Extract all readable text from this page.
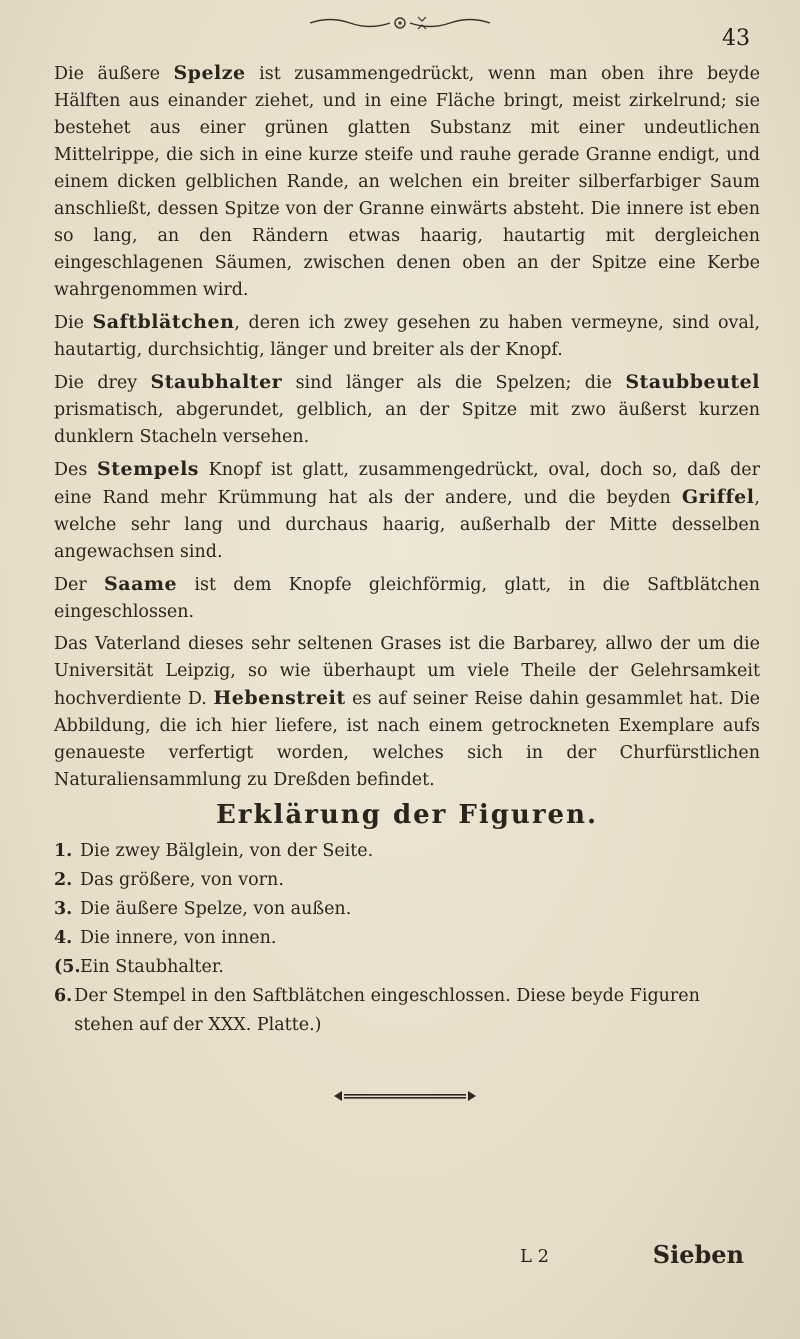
43

Die äußere Spelze ist zusammengedrückt, wenn man oben ihre beyde Hälften aus einander ziehet, und in eine Fläche bringt, meist zirkelrund; sie bestehet aus einer grünen glatten Substanz mit einer undeutlichen Mittelrippe, die sich in eine kurze steife und rauhe gerade Granne endigt, und einem dicken gelblichen Rande, an welchen ein breiter silberfarbiger Saum anschließt, dessen Spitze von der Granne einwärts absteht. Die innere ist eben so lang, an den Rändern etwas haarig, hautartig mit dergleichen eingeschlagenen Säumen, zwischen denen oben an der Spitze eine Kerbe wahrgenommen wird.

Die Saftblätchen, deren ich zwey gesehen zu haben vermeyne, sind oval, hautartig, durchsichtig, länger und breiter als der Knopf.

Die drey Staubhalter sind länger als die Spelzen; die Staubbeutel prismatisch, abgerundet, gelblich, an der Spitze mit zwo äußerst kurzen dunklern Stacheln versehen.

Des Stempels Knopf ist glatt, zusammengedrückt, oval, doch so, daß der eine Rand mehr Krümmung hat als der andere, und die beyden Griffel, welche sehr lang und durchaus haarig, außerhalb der Mitte desselben angewachsen sind.

Der Saame ist dem Knopfe gleichförmig, glatt, in die Saftblätchen eingeschlossen.

Das Vaterland dieses sehr seltenen Grases ist die Barbarey, allwo der um die Universität Leipzig, so wie überhaupt um viele Theile der Gelehrsamkeit hochverdiente D. Hebenstreit es auf seiner Reise dahin gesammlet hat. Die Abbildung, die ich hier liefere, ist nach einem getrockneten Exemplare aufs genaueste verfertigt worden, welches sich in der Churfürstlichen Naturaliensammlung zu Dreßden befindet.

Erklärung der Figuren.
1. Die zwey Bälglein, von der Seite.
2. Das größere, von vorn.
3. Die äußere Spelze, von außen.
4. Die innere, von innen.
(5. Ein Staubhalter.
6. Der Stempel in den Saftblätchen eingeschlossen. Diese beyde Figuren stehen auf der XXX. Platte.)
L 2	Sieben
